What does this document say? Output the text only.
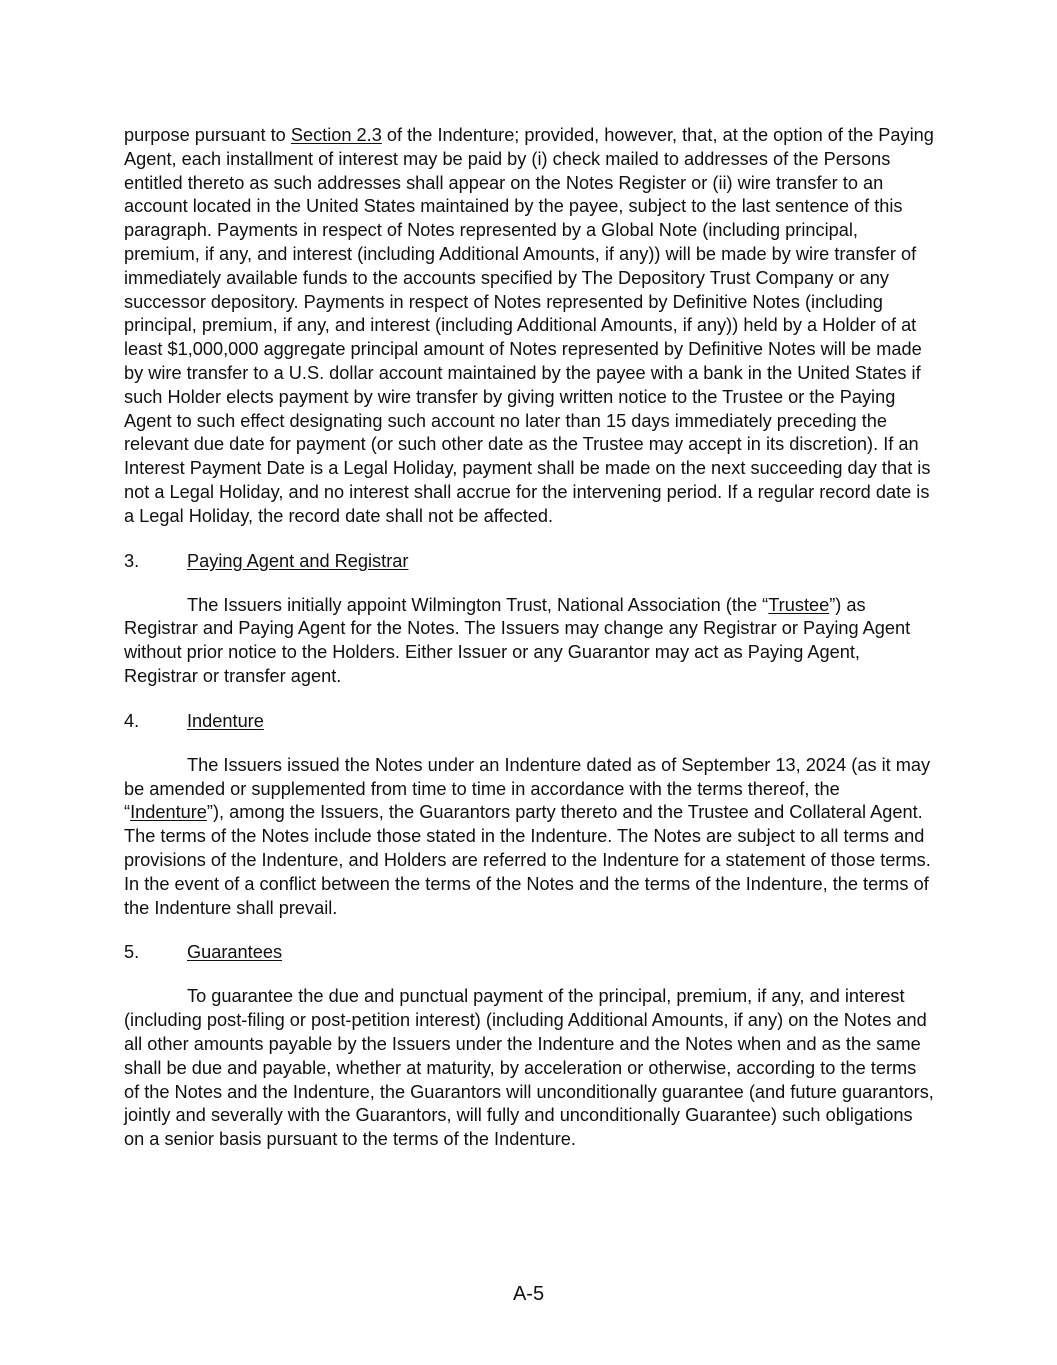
purpose pursuant to Section 2.3 of the Indenture; provided, however, that, at the option of the Paying Agent, each installment of interest may be paid by (i) check mailed to addresses of the Persons entitled thereto as such addresses shall appear on the Notes Register or (ii) wire transfer to an account located in the United States maintained by the payee, subject to the last sentence of this paragraph. Payments in respect of Notes represented by a Global Note (including principal, premium, if any, and interest (including Additional Amounts, if any)) will be made by wire transfer of immediately available funds to the accounts specified by The Depository Trust Company or any successor depository. Payments in respect of Notes represented by Definitive Notes (including principal, premium, if any, and interest (including Additional Amounts, if any)) held by a Holder of at least $1,000,000 aggregate principal amount of Notes represented by Definitive Notes will be made by wire transfer to a U.S. dollar account maintained by the payee with a bank in the United States if such Holder elects payment by wire transfer by giving written notice to the Trustee or the Paying Agent to such effect designating such account no later than 15 days immediately preceding the relevant due date for payment (or such other date as the Trustee may accept in its discretion). If an Interest Payment Date is a Legal Holiday, payment shall be made on the next succeeding day that is not a Legal Holiday, and no interest shall accrue for the intervening period. If a regular record date is a Legal Holiday, the record date shall not be affected.

3.	Paying Agent and Registrar

The Issuers initially appoint Wilmington Trust, National Association (the “Trustee”) as Registrar and Paying Agent for the Notes. The Issuers may change any Registrar or Paying Agent without prior notice to the Holders. Either Issuer or any Guarantor may act as Paying Agent, Registrar or transfer agent.

4.	Indenture

The Issuers issued the Notes under an Indenture dated as of September 13, 2024 (as it may be amended or supplemented from time to time in accordance with the terms thereof, the “Indenture”), among the Issuers, the Guarantors party thereto and the Trustee and Collateral Agent. The terms of the Notes include those stated in the Indenture. The Notes are subject to all terms and provisions of the Indenture, and Holders are referred to the Indenture for a statement of those terms. In the event of a conflict between the terms of the Notes and the terms of the Indenture, the terms of the Indenture shall prevail.

5.	Guarantees

To guarantee the due and punctual payment of the principal, premium, if any, and interest (including post-filing or post-petition interest) (including Additional Amounts, if any) on the Notes and all other amounts payable by the Issuers under the Indenture and the Notes when and as the same shall be due and payable, whether at maturity, by acceleration or otherwise, according to the terms of the Notes and the Indenture, the Guarantors will unconditionally guarantee (and future guarantors, jointly and severally with the Guarantors, will fully and unconditionally Guarantee) such obligations on a senior basis pursuant to the terms of the Indenture.

A-5
